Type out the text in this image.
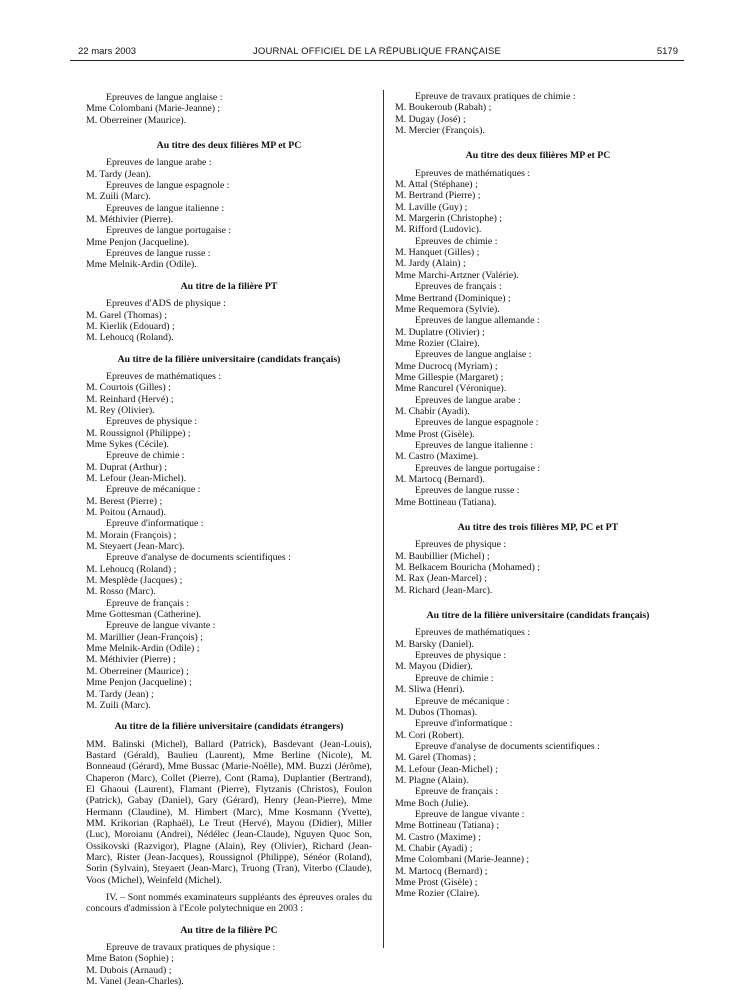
22 mars 2003	JOURNAL OFFICIEL DE LA RÉPUBLIQUE FRANÇAISE	5179
Epreuves de langue anglaise :
Mme Colombani (Marie-Jeanne) ;
M. Oberreiner (Maurice).
Au titre des deux filières MP et PC
Epreuves de langue arabe :
M. Tardy (Jean).
Epreuves de langue espagnole :
M. Zuili (Marc).
Epreuves de langue italienne :
M. Méthivier (Pierre).
Epreuves de langue portugaise :
Mme Penjon (Jacqueline).
Epreuves de langue russe :
Mme Melnik-Ardin (Odile).
Au titre de la filière PT
Epreuves d'ADS de physique :
M. Garel (Thomas) ;
M. Kierlik (Edouard) ;
M. Lehoucq (Roland).
Au titre de la filière universitaire (candidats français)
Epreuves de mathématiques :
M. Courtois (Gilles) ;
M. Reinhard (Hervé) ;
M. Rey (Olivier).
Epreuves de physique :
M. Roussignol (Philippe) ;
Mme Sykes (Cécile).
Epreuve de chimie :
M. Duprat (Arthur) ;
M. Lefour (Jean-Michel).
Epreuve de mécanique :
M. Berest (Pierre) ;
M. Poitou (Arnaud).
Epreuve d'informatique :
M. Morain (François) ;
M. Steyaert (Jean-Marc).
Epreuve d'analyse de documents scientifiques :
M. Lehoucq (Roland) ;
M. Mesplède (Jacques) ;
M. Rosso (Marc).
Epreuve de français :
Mme Gottesman (Catherine).
Epreuve de langue vivante :
M. Marillier (Jean-François) ;
Mme Melnik-Ardin (Odile) ;
M. Méthivier (Pierre) ;
M. Oberreiner (Maurice) ;
Mme Penjon (Jacqueline) ;
M. Tardy (Jean) ;
M. Zuili (Marc).
Au titre de la filière universitaire (candidats étrangers)
MM. Balinski (Michel), Ballard (Patrick), Basdevant (Jean-Louis), Bastard (Gérald), Baulieu (Laurent), Mme Berline (Nicole), M. Bonneaud (Gérard), Mme Bussac (Marie-Noëlle), MM. Buzzi (Jérôme), Chaperon (Marc), Collet (Pierre), Cont (Rama), Duplantier (Bertrand), El Ghaoui (Laurent), Flamant (Pierre), Flytzanis (Christos), Foulon (Patrick), Gabay (Daniel), Gary (Gérard), Henry (Jean-Pierre), Mme Hermann (Claudine), M. Himbert (Marc), Mme Kosmann (Yvette), MM. Krikorian (Raphaël), Le Treut (Hervé), Mayou (Didier), Miller (Luc), Moroianu (Andrei), Nédélec (Jean-Claude), Nguyen Quoc Son, Ossikovski (Razvigor), Plagne (Alain), Rey (Olivier), Richard (Jean-Marc), Rister (Jean-Jacques), Roussignol (Philippe), Sénéor (Roland), Sorin (Sylvain), Steyaert (Jean-Marc), Truong (Tran), Viterbo (Claude), Voos (Michel), Weinfeld (Michel).
IV. – Sont nommés examinateurs suppléants des épreuves orales du concours d'admission à l'Ecole polytechnique en 2003 :
Au titre de la filière PC
Epreuve de travaux pratiques de physique :
Mme Baton (Sophie) ;
M. Dubois (Arnaud) ;
M. Vanel (Jean-Charles).
Epreuve de travaux pratiques de chimie :
M. Boukeroub (Rabah) ;
M. Dugay (José) ;
M. Mercier (François).
Au titre des deux filières MP et PC
Epreuves de mathématiques :
M. Attal (Stéphane) ;
M. Bertrand (Pierre) ;
M. Laville (Guy) ;
M. Margerin (Christophe) ;
M. Rifford (Ludovic).
Epreuves de chimie :
M. Hanquet (Gilles) ;
M. Jardy (Alain) ;
Mme Marchi-Artzner (Valérie).
Epreuves de français :
Mme Bertrand (Dominique) ;
Mme Requemora (Sylvie).
Epreuves de langue allemande :
M. Duplatre (Olivier) ;
Mme Rozier (Claire).
Epreuves de langue anglaise :
Mme Ducrocq (Myriam) ;
Mme Gillespie (Margaret) ;
Mme Rancurel (Véronique).
Epreuves de langue arabe :
M. Chabir (Ayadi).
Epreuves de langue espagnole :
Mme Prost (Gisèle).
Epreuves de langue italienne :
M. Castro (Maxime).
Epreuves de langue portugaise :
M. Martocq (Bernard).
Epreuves de langue russe :
Mme Bottineau (Tatiana).
Au titre des trois filières MP, PC et PT
Epreuves de physique :
M. Baubillier (Michel) ;
M. Belkacem Bouricha (Mohamed) ;
M. Rax (Jean-Marcel) ;
M. Richard (Jean-Marc).
Au titre de la filière universitaire (candidats français)
Epreuves de mathématiques :
M. Barsky (Daniel).
Epreuves de physique :
M. Mayou (Didier).
Epreuve de chimie :
M. Sliwa (Henri).
Epreuve de mécanique :
M. Dubos (Thomas).
Epreuve d'informatique :
M. Cori (Robert).
Epreuve d'analyse de documents scientifiques :
M. Garel (Thomas) ;
M. Lefour (Jean-Michel) ;
M. Plagne (Alain).
Epreuve de français :
Mme Boch (Julie).
Epreuve de langue vivante :
Mme Bottineau (Tatiana) ;
M. Castro (Maxime) ;
M. Chabir (Ayadi) ;
Mme Colombani (Marie-Jeanne) ;
M. Martocq (Bernard) ;
Mme Prost (Gisèle) ;
Mme Rozier (Claire).
